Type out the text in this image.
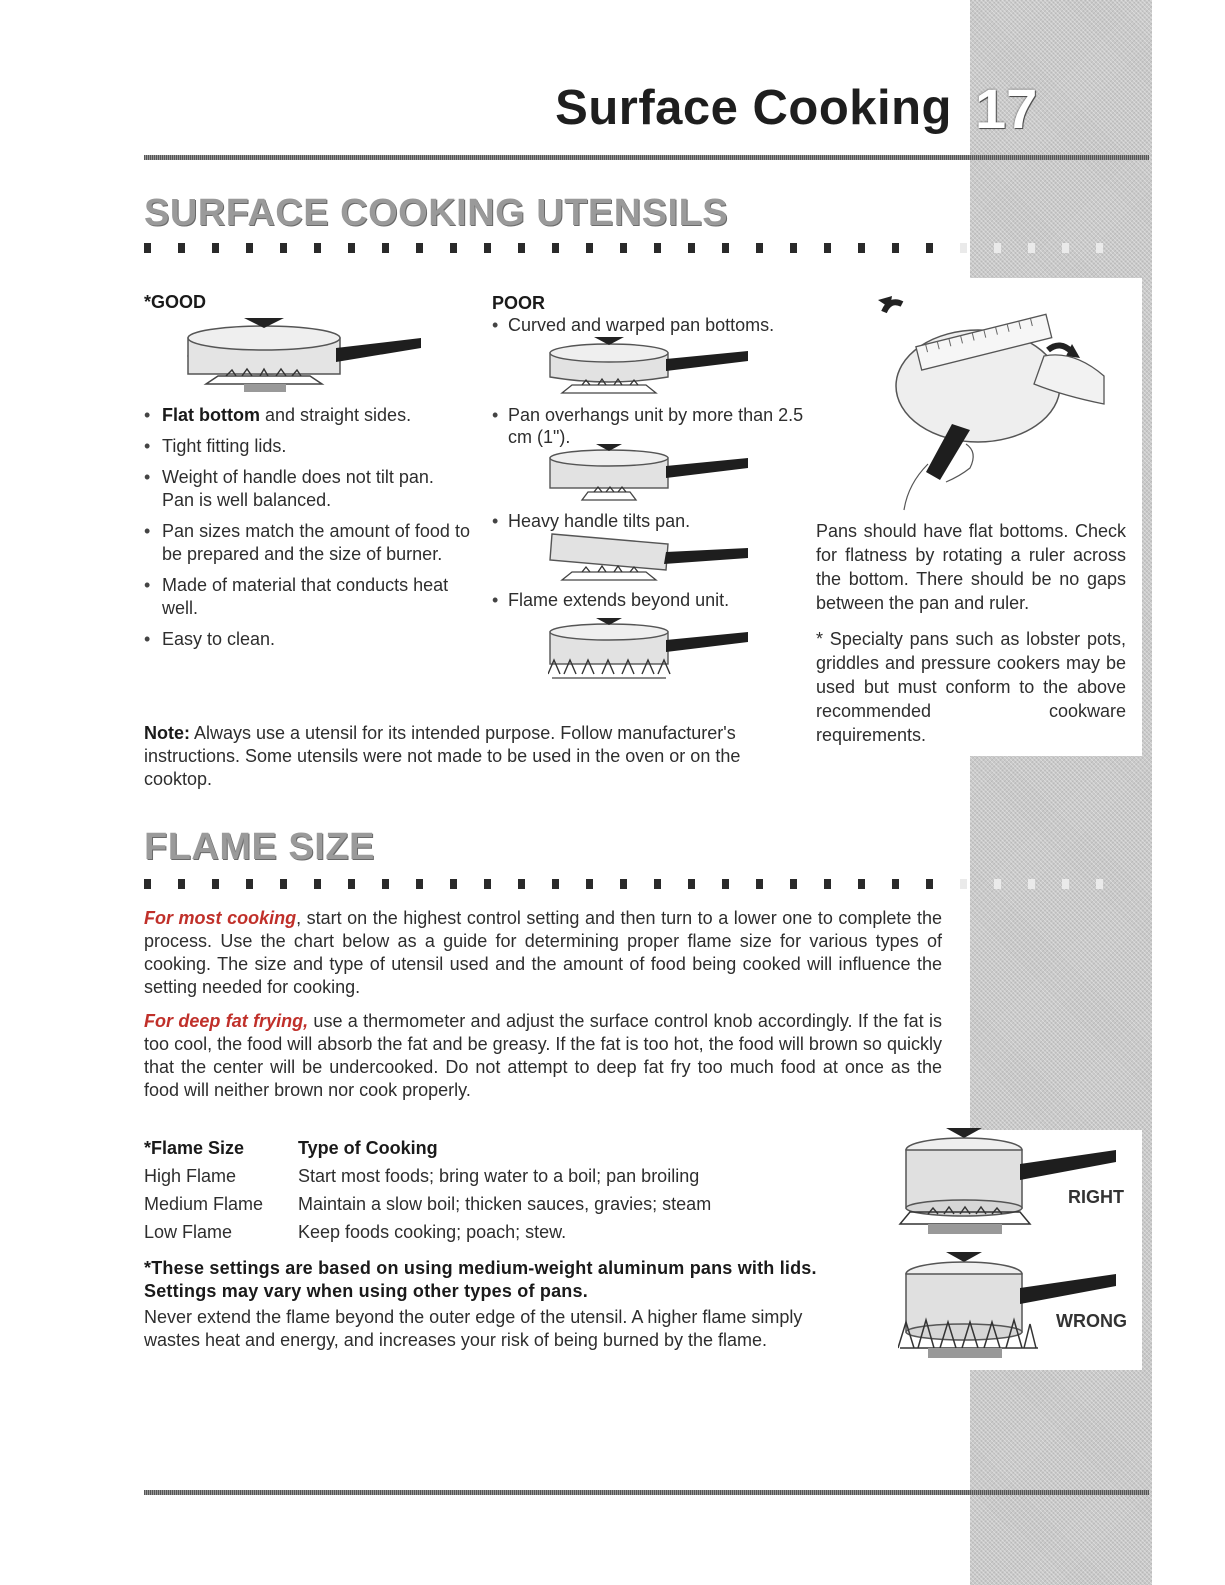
Surface Cooking 17
SURFACE COOKING UTENSILS
*GOOD
• Flat bottom and straight sides.
• Tight fitting lids.
• Weight of handle does not tilt pan. Pan is well balanced.
• Pan sizes match the amount of food to be prepared and the size of burner.
• Made of material that conducts heat well.
• Easy to clean.
POOR
• Curved and warped pan bottoms.
• Pan overhangs unit by more than 2.5 cm (1").
• Heavy handle tilts pan.
• Flame extends beyond unit.
Pans should have flat bottoms. Check for flatness by rotating a ruler across the bottom. There should be no gaps between the pan and ruler.
* Specialty pans such as lobster pots, griddles and pressure cookers may be used but must conform to the above recommended cookware requirements.
Note: Always use a utensil for its intended purpose. Follow manufacturer's instructions. Some utensils were not made to be used in the oven or on the cooktop.
FLAME SIZE
For most cooking, start on the highest control setting and then turn to a lower one to complete the process. Use the chart below as a guide for determining proper flame size for various types of cooking. The size and type of utensil used and the amount of food being cooked will influence the setting needed for cooking.
For deep fat frying, use a thermometer and adjust the surface control knob accordingly. If the fat is too cool, the food will absorb the fat and be greasy. If the fat is too hot, the food will brown so quickly that the center will be undercooked. Do not attempt to deep fat fry too much food at once as the food will neither brown nor cook properly.
*Flame Size	Type of Cooking
High Flame	Start most foods; bring water to a boil; pan broiling
Medium Flame	Maintain a slow boil; thicken sauces, gravies; steam
Low Flame	Keep foods cooking; poach; stew.
*These settings are based on using medium-weight aluminum pans with lids. Settings may vary when using other types of pans.
Never extend the flame beyond the outer edge of the utensil. A higher flame simply wastes heat and energy, and increases your risk of being burned by the flame.
RIGHT
WRONG
